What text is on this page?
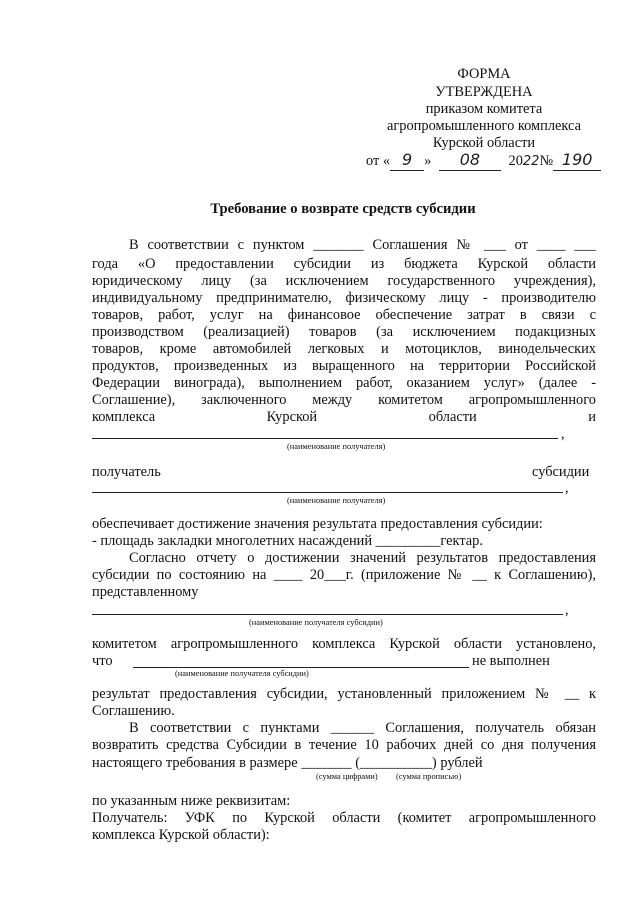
ФОРМА
УТВЕРЖДЕНА
приказом комитета
агропромышленного комплекса
Курской области
от « 9 » 08 2022№ 190
Требование о возврате средств субсидии
В соответствии с пунктом _______ Соглашения № ___ от ____ ___
года «О предоставлении субсидии из бюджета Курской области
юридическому лицу (за исключением государственного учреждения),
индивидуальному предпринимателю, физическому лицу - производителю
товаров, работ, услуг на финансовое обеспечение затрат в связи с
производством (реализацией) товаров (за исключением подакцизных
товаров, кроме автомобилей легковых и мотоциклов, винодельческих
продуктов, произведенных из выращенного на территории Российской
Федерации винограда), выполнением работ, оказанием услуг» (далее -
Соглашение), заключенного между комитетом агропромышленного
комплекса Курской области и
,
(наименование получателя)
получатель	субсидии
,
(наименование получателя)
обеспечивает достижение значения результата предоставления субсидии:
- площадь закладки многолетних насаждений _________гектар.
Согласно отчету о достижении значений результатов предоставления
субсидии по состоянию на ____ 20___г. (приложение № __ к Соглашению),
представленному
,
(наименование получателя субсидии)
комитетом агропромышленного комплекса Курской области установлено,
что	не выполнен
(наименование получателя субсидии)
результат предоставления субсидии, установленный приложением № __ к
Соглашению.
В соответствии с пунктами ______ Соглашения, получатель обязан
возвратить средства Субсидии в течение 10 рабочих дней со дня получения
настоящего требования в размере _______ (__________) рублей
(сумма цифрами) (сумма прописью)
по указанным ниже реквизитам:
Получатель: УФК по Курской области (комитет агропромышленного
комплекса Курской области):
